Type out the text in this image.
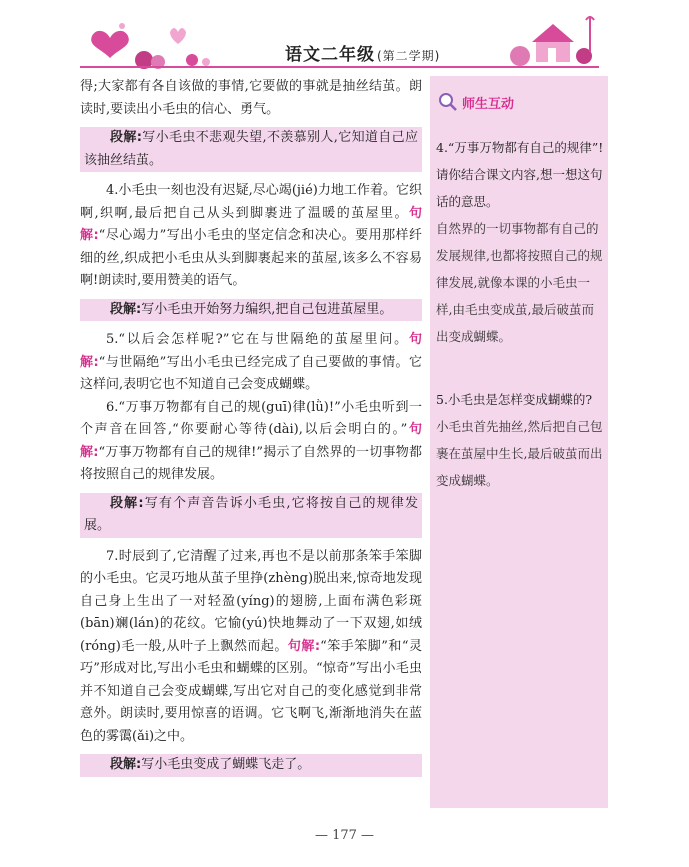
语文二年级 (第二学期)

得;大家都有各自该做的事情,它要做的事就是抽丝结茧。朗读时,要读出小毛虫的信心、勇气。

段解:写小毛虫不悲观失望,不羡慕别人,它知道自己应该抽丝结茧。

4.小毛虫一刻也没有迟疑,尽心竭(jié)力地工作着。它织啊,织啊,最后把自己从头到脚裹进了温暖的茧屋里。句解:“尽心竭力”写出小毛虫的坚定信念和决心。要用那样纤细的丝,织成把小毛虫从头到脚裹起来的茧屋,该多么不容易啊!朗读时,要用赞美的语气。

段解:写小毛虫开始努力编织,把自己包进茧屋里。

5.“以后会怎样呢?”它在与世隔绝的茧屋里问。句解:“与世隔绝”写出小毛虫已经完成了自己要做的事情。它这样问,表明它也不知道自己会变成蝴蝶。

6.“万事万物都有自己的规(guī)律(lǜ)!”小毛虫听到一个声音在回答,“你要耐心等待(dài),以后会明白的。”句解:“万事万物都有自己的规律!”揭示了自然界的一切事物都将按照自己的规律发展。

段解:写有个声音告诉小毛虫,它将按自己的规律发展。

7.时辰到了,它清醒了过来,再也不是以前那条笨手笨脚的小毛虫。它灵巧地从茧子里挣(zhèng)脱出来,惊奇地发现自己身上生出了一对轻盈(yíng)的翅膀,上面布满色彩斑(bān)斓(lán)的花纹。它愉(yú)快地舞动了一下双翅,如绒(róng)毛一般,从叶子上飘然而起。句解:“笨手笨脚”和“灵巧”形成对比,写出小毛虫和蝴蝶的区别。“惊奇”写出小毛虫并不知道自己会变成蝴蝶,写出它对自己的变化感觉到非常意外。朗读时,要用惊喜的语调。它飞啊飞,渐渐地消失在蓝色的雾霭(ǎi)之中。

段解:写小毛虫变成了蝴蝶飞走了。

师生互动

4.“万事万物都有自己的规律”!请你结合课文内容,想一想这句话的意思。

自然界的一切事物都有自己的发展规律,也都将按照自己的规律发展,就像本课的小毛虫一样,由毛虫变成茧,最后破茧而出变成蝴蝶。

5.小毛虫是怎样变成蝴蝶的?

小毛虫首先抽丝,然后把自己包裹在茧屋中生长,最后破茧而出变成蝴蝶。

— 177 —
